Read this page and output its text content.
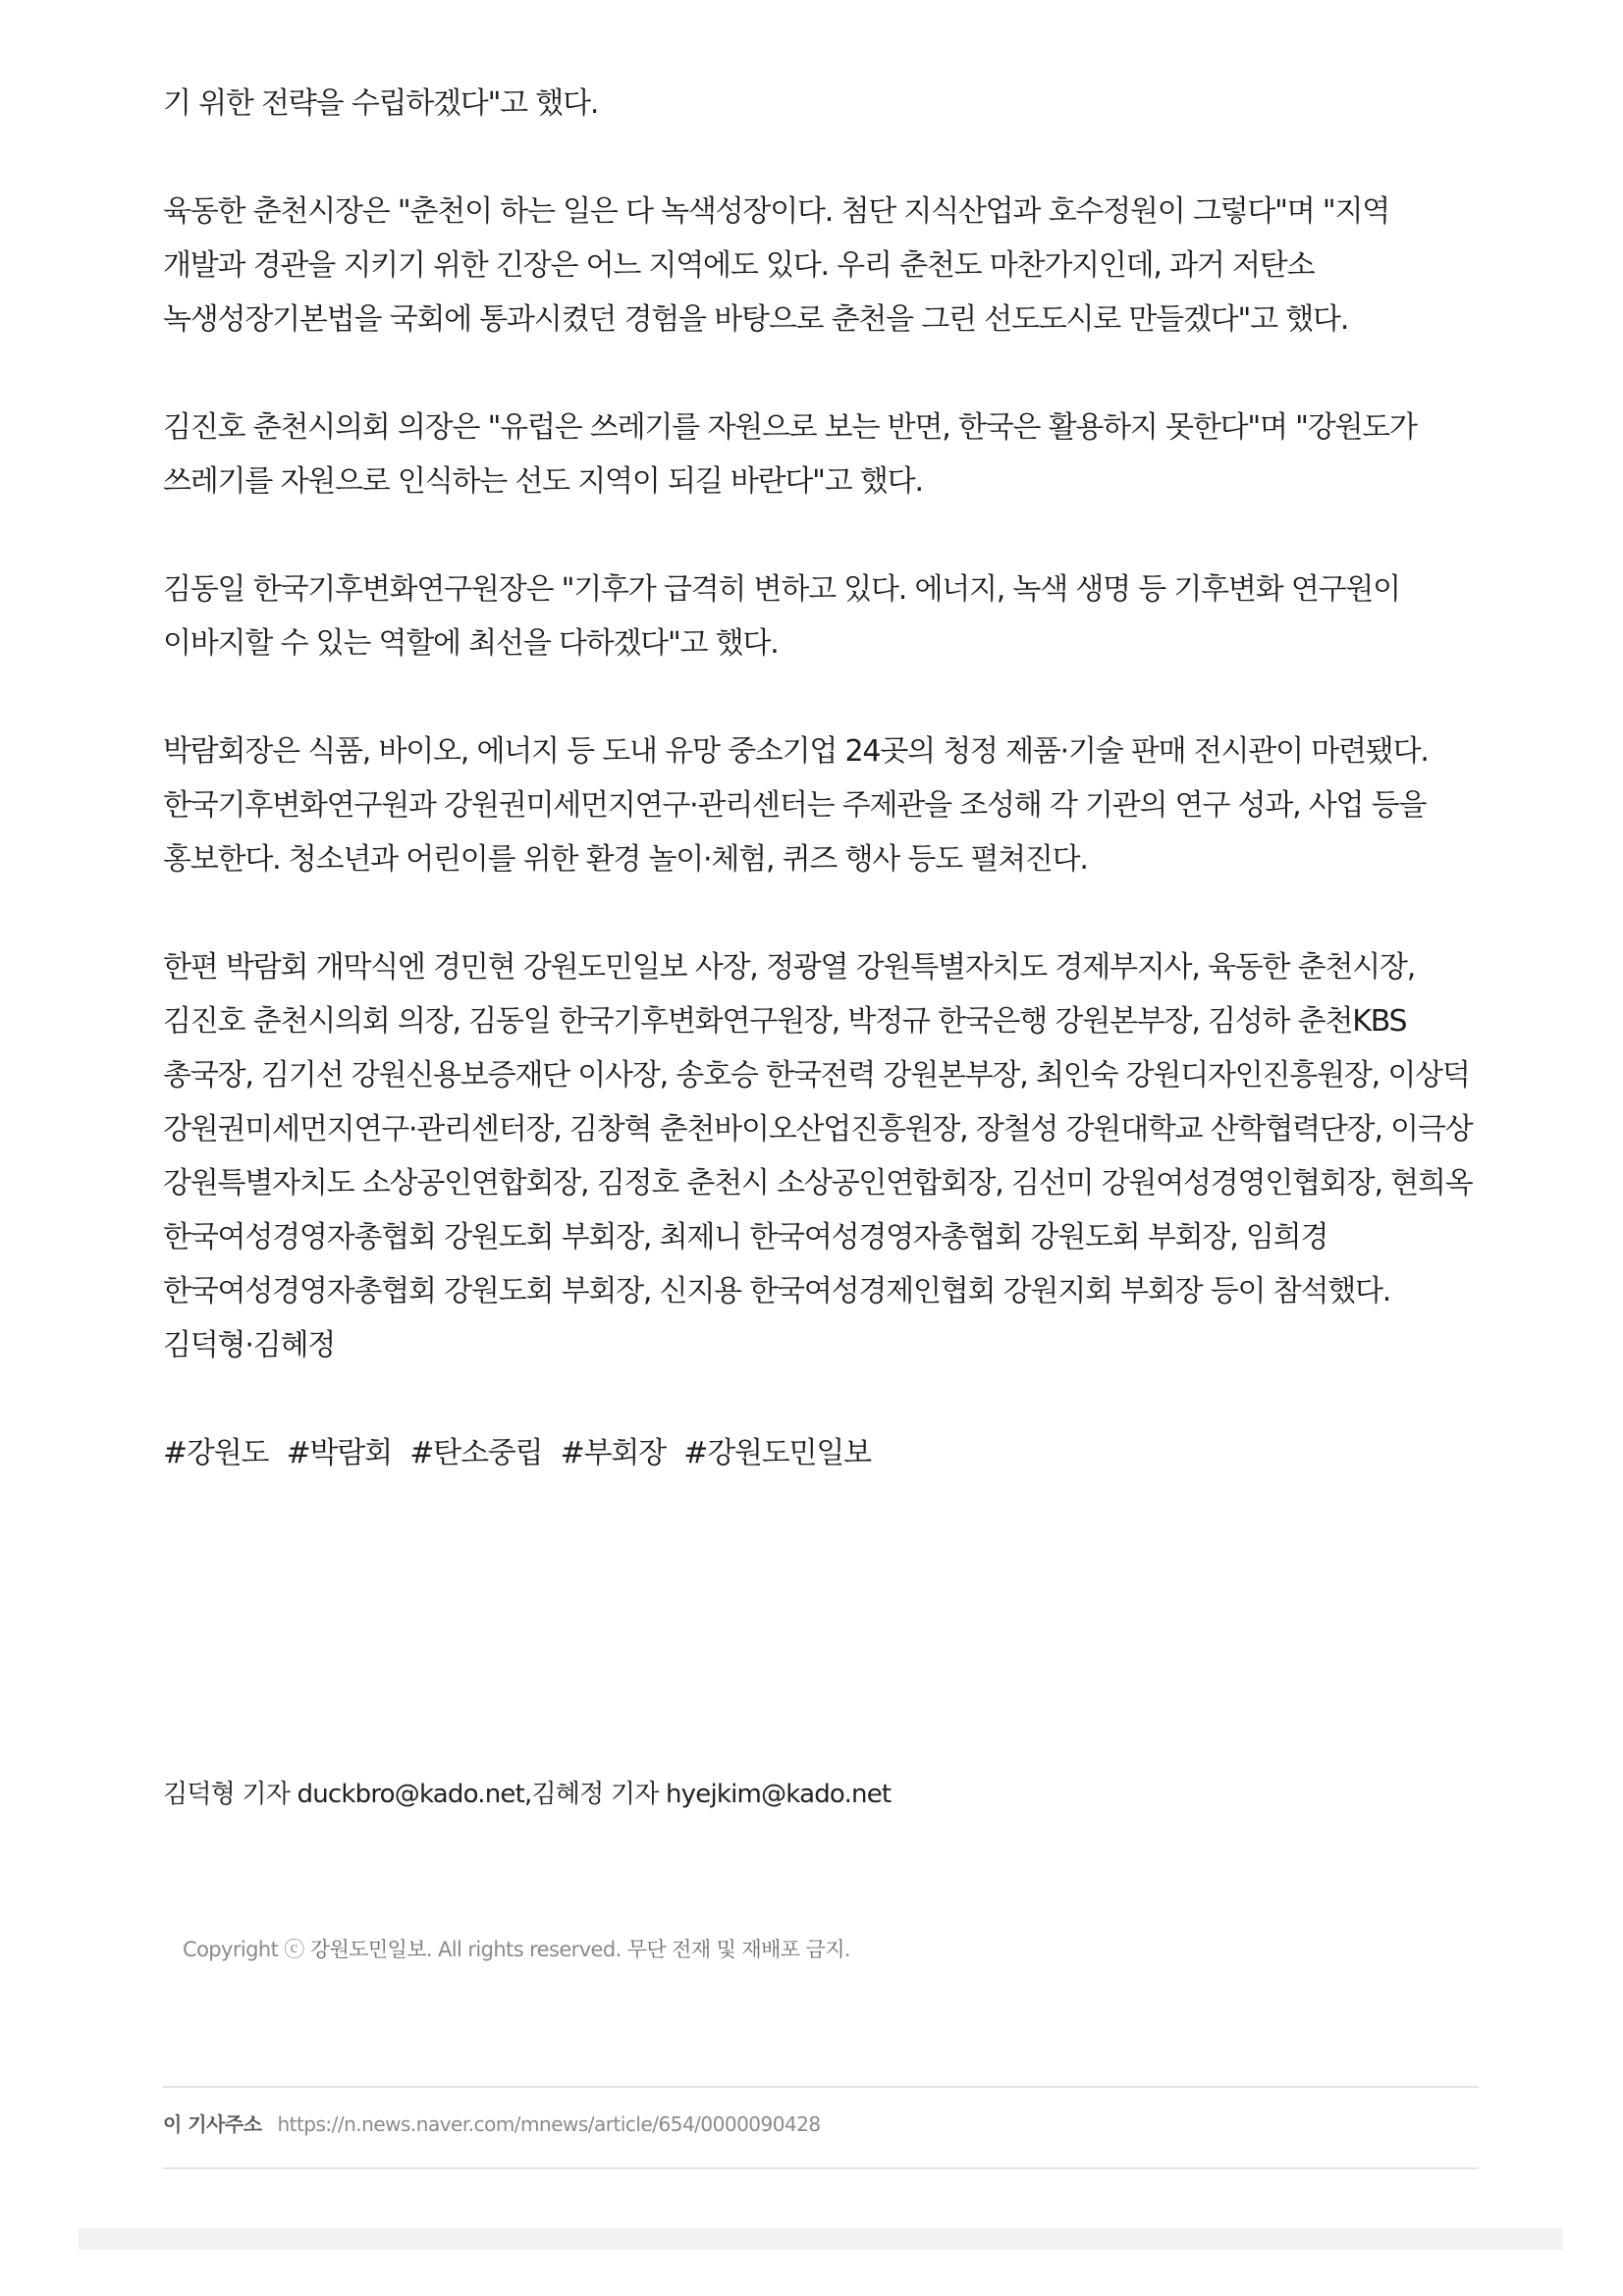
기 위한 전략을 수립하겠다"고 했다.

육동한 춘천시장은 "춘천이 하는 일은 다 녹색성장이다. 첨단 지식산업과 호수정원이 그렇다"며 "지역 개발과 경관을 지키기 위한 긴장은 어느 지역에도 있다. 우리 춘천도 마찬가지인데, 과거 저탄소 녹생성장기본법을 국회에 통과시켰던 경험을 바탕으로 춘천을 그린 선도도시로 만들겠다"고 했다.

김진호 춘천시의회 의장은 "유럽은 쓰레기를 자원으로 보는 반면, 한국은 활용하지 못한다"며 "강원도가 쓰레기를 자원으로 인식하는 선도 지역이 되길 바란다"고 했다.

김동일 한국기후변화연구원장은 "기후가 급격히 변하고 있다. 에너지, 녹색 생명 등 기후변화 연구원이 이바지할 수 있는 역할에 최선을 다하겠다"고 했다.

박람회장은 식품, 바이오, 에너지 등 도내 유망 중소기업 24곳의 청정 제품·기술 판매 전시관이 마련됐다. 한국기후변화연구원과 강원권미세먼지연구·관리센터는 주제관을 조성해 각 기관의 연구 성과, 사업 등을 홍보한다. 청소년과 어린이를 위한 환경 놀이·체험, 퀴즈 행사 등도 펼쳐진다.

한편 박람회 개막식엔 경민현 강원도민일보 사장, 정광열 강원특별자치도 경제부지사, 육동한 춘천시장, 김진호 춘천시의회 의장, 김동일 한국기후변화연구원장, 박정규 한국은행 강원본부장, 김성하 춘천KBS 총국장, 김기선 강원신용보증재단 이사장, 송호승 한국전력 강원본부장, 최인숙 강원디자인진흥원장, 이상덕 강원권미세먼지연구·관리센터장, 김창혁 춘천바이오산업진흥원장, 장철성 강원대학교 산학협력단장, 이극상 강원특별자치도 소상공인연합회장, 김정호 춘천시 소상공인연합회장, 김선미 강원여성경영인협회장, 현희옥 한국여성경영자총협회 강원도회 부회장, 최제니 한국여성경영자총협회 강원도회 부회장, 임희경 한국여성경영자총협회 강원도회 부회장, 신지용 한국여성경제인협회 강원지회 부회장 등이 참석했다.

김덕형·김혜정
#강원도 #박람회 #탄소중립 #부회장 #강원도민일보
김덕형 기자 duckbro@kado.net,김혜정 기자 hyejkim@kado.net
Copyright ⓒ 강원도민일보. All rights reserved. 무단 전재 및 재배포 금지.
이 기사주소 https://n.news.naver.com/mnews/article/654/0000090428
